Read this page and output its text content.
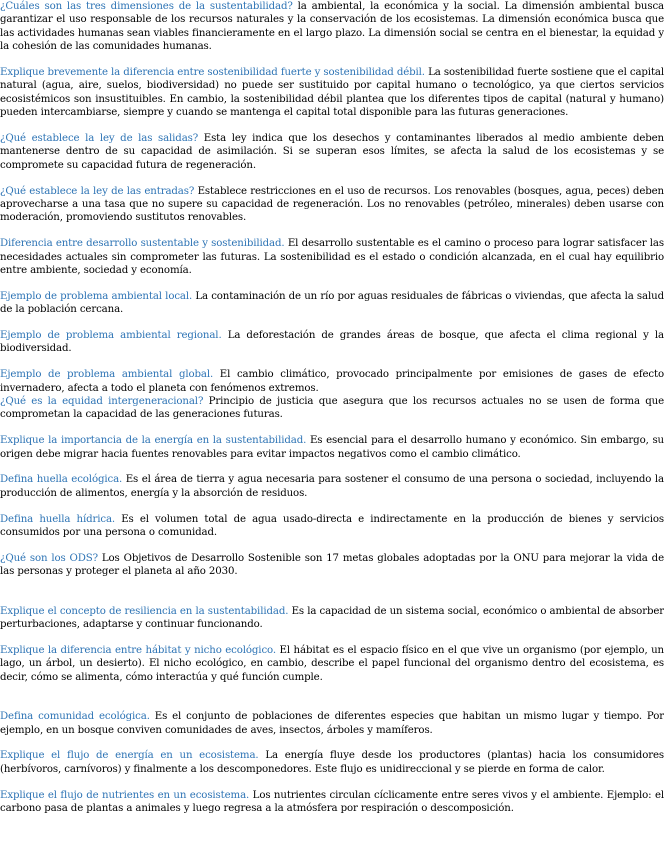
¿Cuáles son las tres dimensiones de la sustentabilidad? la ambiental, la económica y la social. La dimensión ambiental busca garantizar el uso responsable de los recursos naturales y la conservación de los ecosistemas. La dimensión económica busca que las actividades humanas sean viables financieramente en el largo plazo. La dimensión social se centra en el bienestar, la equidad y la cohesión de las comunidades humanas.

Explique brevemente la diferencia entre sostenibilidad fuerte y sostenibilidad débil. La sostenibilidad fuerte sostiene que el capital natural (agua, aire, suelos, biodiversidad) no puede ser sustituido por capital humano o tecnológico, ya que ciertos servicios ecosistémicos son insustituibles. En cambio, la sostenibilidad débil plantea que los diferentes tipos de capital (natural y humano) pueden intercambiarse, siempre y cuando se mantenga el capital total disponible para las futuras generaciones.

¿Qué establece la ley de las salidas? Esta ley indica que los desechos y contaminantes liberados al medio ambiente deben mantenerse dentro de su capacidad de asimilación. Si se superan esos límites, se afecta la salud de los ecosistemas y se compromete su capacidad futura de regeneración.

¿Qué establece la ley de las entradas? Establece restricciones en el uso de recursos. Los renovables (bosques, agua, peces) deben aprovecharse a una tasa que no supere su capacidad de regeneración. Los no renovables (petróleo, minerales) deben usarse con moderación, promoviendo sustitutos renovables.

Diferencia entre desarrollo sustentable y sostenibilidad. El desarrollo sustentable es el camino o proceso para lograr satisfacer las necesidades actuales sin comprometer las futuras. La sostenibilidad es el estado o condición alcanzada, en el cual hay equilibrio entre ambiente, sociedad y economía.

Ejemplo de problema ambiental local. La contaminación de un río por aguas residuales de fábricas o viviendas, que afecta la salud de la población cercana.

Ejemplo de problema ambiental regional. La deforestación de grandes áreas de bosque, que afecta el clima regional y la biodiversidad.

Ejemplo de problema ambiental global. El cambio climático, provocado principalmente por emisiones de gases de efecto invernadero, afecta a todo el planeta con fenómenos extremos.

¿Qué es la equidad intergeneracional? Principio de justicia que asegura que los recursos actuales no se usen de forma que comprometan la capacidad de las generaciones futuras.

Explique la importancia de la energía en la sustentabilidad. Es esencial para el desarrollo humano y económico. Sin embargo, su origen debe migrar hacia fuentes renovables para evitar impactos negativos como el cambio climático.

Defina huella ecológica. Es el área de tierra y agua necesaria para sostener el consumo de una persona o sociedad, incluyendo la producción de alimentos, energía y la absorción de residuos.

Defina huella hídrica. Es el volumen total de agua usado-directa e indirectamente en la producción de bienes y servicios consumidos por una persona o comunidad.

¿Qué son los ODS? Los Objetivos de Desarrollo Sostenible son 17 metas globales adoptadas por la ONU para mejorar la vida de las personas y proteger el planeta al año 2030.

Explique el concepto de resiliencia en la sustentabilidad. Es la capacidad de un sistema social, económico o ambiental de absorber perturbaciones, adaptarse y continuar funcionando.

Explique la diferencia entre hábitat y nicho ecológico. El hábitat es el espacio físico en el que vive un organismo (por ejemplo, un lago, un árbol, un desierto). El nicho ecológico, en cambio, describe el papel funcional del organismo dentro del ecosistema, es decir, cómo se alimenta, cómo interactúa y qué función cumple.

Defina comunidad ecológica. Es el conjunto de poblaciones de diferentes especies que habitan un mismo lugar y tiempo. Por ejemplo, en un bosque conviven comunidades de aves, insectos, árboles y mamíferos.

Explique el flujo de energía en un ecosistema. La energía fluye desde los productores (plantas) hacia los consumidores (herbívoros, carnívoros) y finalmente a los descomponedores. Este flujo es unidireccional y se pierde en forma de calor.

Explique el flujo de nutrientes en un ecosistema. Los nutrientes circulan cíclicamente entre seres vivos y el ambiente. Ejemplo: el carbono pasa de plantas a animales y luego regresa a la atmósfera por respiración o descomposición.
